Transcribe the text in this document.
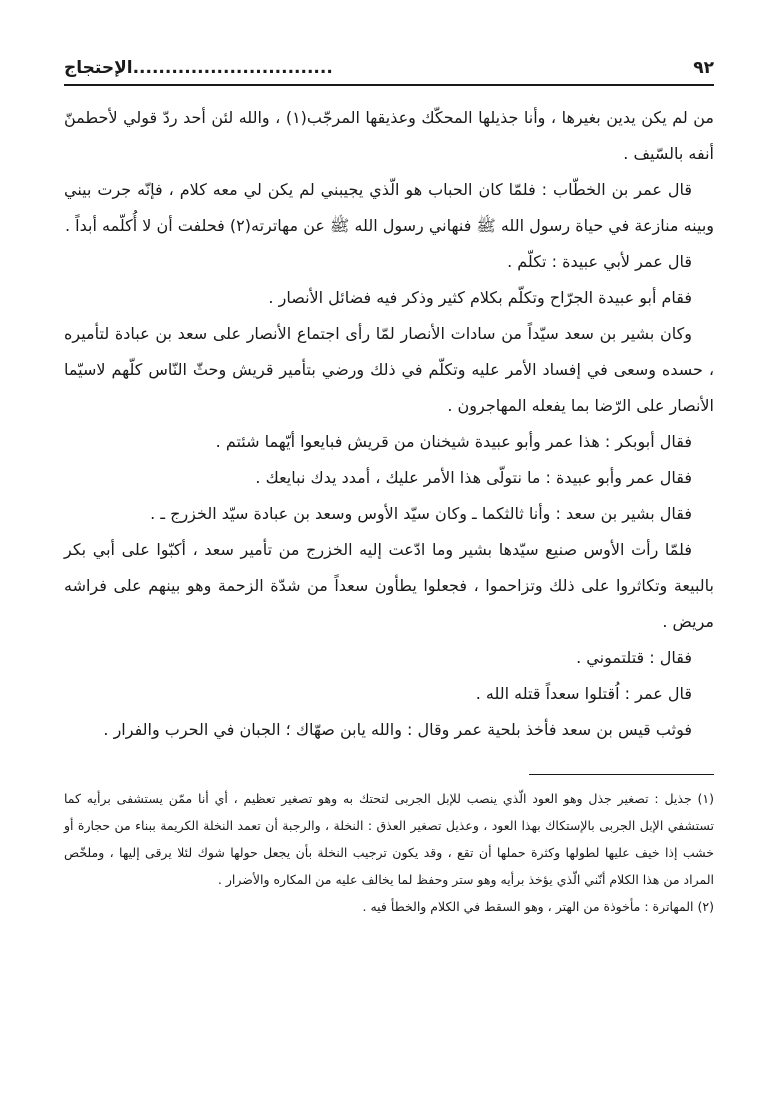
٩٢
...............................الإحتجاج

من لم يكن يدين بغيرها ، وأنا جذيلها المحكّك وعذيقها المرجّب(١) ، والله لئن أحد ردّ قولي لأحطمنّ أنفه بالسّيف .

قال عمر بن الخطّاب : فلمّا كان الحباب هو الّذي يجيبني لم يكن لي معه كلام ، فإنّه جرت بيني وبينه منازعة في حياة رسول الله ﷺ فنهاني رسول الله ﷺ عن مهاترته(٢) فحلفت أن لا أُكلّمه أبداً .

قال عمر لأبي عبيدة : تكلّم .

فقام أبو عبيدة الجرّاح وتكلّم بكلام كثير وذكر فيه فضائل الأنصار .

وكان بشير بن سعد سيّداً من سادات الأنصار لمّا رأى اجتماع الأنصار على سعد بن عبادة لتأميره ، حسده وسعى في إفساد الأمر عليه وتكلّم في ذلك ورضي بتأمير قريش وحثّ النّاس كلّهم لاسيّما الأنصار على الرّضا بما يفعله المهاجرون .

فقال أبوبكر : هذا عمر وأبو عبيدة شيخنان من قريش فبايعوا أيّهما شئتم .

فقال عمر وأبو عبيدة : ما نتولّى هذا الأمر عليك ، أمدد يدك نبايعك .

فقال بشير بن سعد : وأنا ثالثكما ـ وكان سيّد الأوس وسعد بن عبادة سيّد الخزرج ـ .

فلمّا رأت الأوس صنيع سيّدها بشير وما ادّعت إليه الخزرج من تأمير سعد ، أكبّوا على أبي بكر بالبيعة وتكاثروا على ذلك وتزاحموا ، فجعلوا يطأون سعداً من شدّة الزحمة وهو بينهم على فراشه مريض .

فقال : قتلتموني .

قال عمر : اُقتلوا سعداً قتله الله .

فوثب قيس بن سعد فأخذ بلحية عمر وقال : والله يابن صهّاك ؛ الجبان في الحرب والفرار .

(١) جذيل : تصغير جذل وهو العود الّذي ينصب للإبل الجربى لتحتك به وهو تصغير تعظيم ، أي أنا ممّن يستشفى برأيه كما تستشفي الإبل الجربى بالإستكاك بهذا العود ، وعذيل تصغير العذق : النخلة ، والرجبة أن تعمد النخلة الكريمة ببناء من حجارة أو خشب إذا خيف عليها لطولها وكثرة حملها أن تقع ، وقد يكون ترجيب النخلة بأن يجعل حولها شوك لئلا يرقى إليها ، وملخّص المراد من هذا الكلام أنّني الّذي يؤخذ برأيه وهو ستر وحفظ لما يخالف عليه من المكاره والأضرار .

(٢) المهاترة : مأخوذة من الهتر ، وهو السقط في الكلام والخطأ فيه .
